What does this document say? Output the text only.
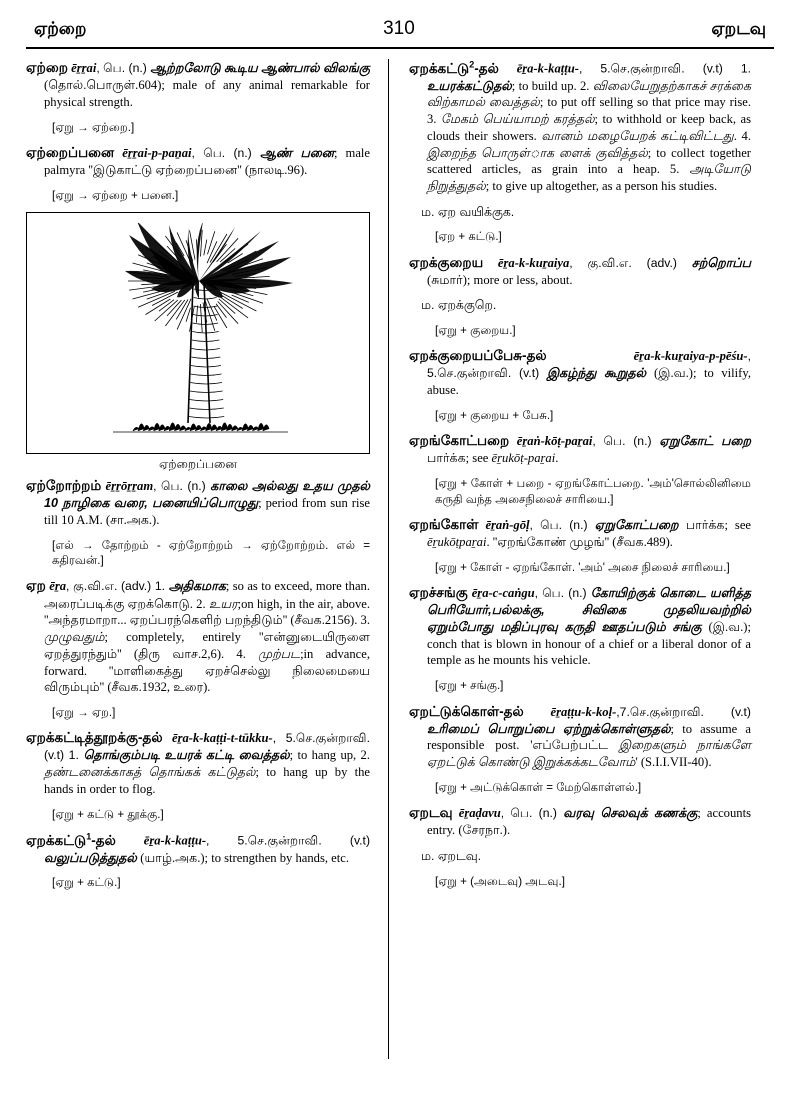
ஏற்றை	310	ஏறடவு

ஏற்றை ēṟṟai, பெ. (n.) ஆற்றலோடு கூடிய ஆண்பால் விலங்கு (தொல்.பொருள்.604); male of any animal remarkable for physical strength.

[ஏறு → ஏற்றை.]

ஏற்றைப்பனை ēṟṟai-p-paṉai, பெ. (n.) ஆண் பனை; male palmyra ''இடுகாட்டு ஏற்றைப்பனை'' (நாலடி.96).

[ஏறு → ஏற்றை + பனை.]

ஏற்றைப்பனை

ஏற்றோற்றம் ēṟṟōṟṟam, பெ. (n.) காலை அல்லது உதய முதல் 10 நாழிகை வரை, பனையிப்பொழுது; period from sun rise till 10 A.M. (சா.அக.).

[எல் → தோற்றம் - ஏற்றோற்றம் → ஏற்றோற்றம். எல் = கதிரவன்.]

ஏற ēṟa, கு.வி.எ. (adv.) 1. அதிகமாக; so as to exceed, more than. அரைப்படிக்கு ஏறக்கொடு. 2. உயர;on high, in the air, above. ''அந்தரமாறா... ஏறப்பரந்கெளிற் பறந்திடும்'' (சீவக.2156). 3. முழுவதும்; completely, entirely ''என்னுடையிருளை ஏறத்துரந்தும்'' (திரு வாச.2,6). 4. முற்பட;in advance, forward. ''மாளிகைத்து ஏறச்செல்லு நிலைமையை விரும்பும்'' (சீவக.1932, உரை).

[ஏறு → ஏற.]

ஏறக்கட்டித்தூறக்கு-தல் ēṟa-k-kaṭṭi-t-tūkku-, 5.செ.குன்றாவி. (v.t) 1. தொங்கும்படி உயரக் கட்டி வைத்தல்; to hang up, 2. தண்டனைக்காகத் தொங்கக் கட்டுதல்; to hang up by the hands in order to flog.

[ஏறு + கட்டு + தூக்கு.]

ஏறக்கட்டு$^1$-தல் ēṟa-k-kaṭṭu-, 5.செ.குன்றாவி. (v.t) வலுப்படுத்துதல் (யாழ்.அக.); to strengthen by hands, etc.

[ஏறு + கட்டு.]

ஏறக்கட்டு$^2$-தல் ēṟa-k-kaṭṭu-, 5.செ.குன்றாவி. (v.t) 1. உயரக்கட்டுதல்; to build up. 2. விலையேறுதற்காகச் சரக்கை விற்காமல் வைத்தல்; to put off selling so that price may rise. 3. மேகம் பெய்யாமற் கரத்தல்; to withhold or keep back, as clouds their showers. வானம் மழையேறக் கட்டிவிட்டது. 4. இறைந்த பொருள்ாக ளைக் குவித்தல்; to collect together scattered articles, as grain into a heap. 5. அடியோடு நிறுத்துதல்; to give up altogether, as a person his studies.

ம. ஏற வயிக்குக.

[ஏற + கட்டு.]

ஏறக்குறைய ēṟa-k-kuṟaiya, கு.வி.எ. (adv.) சற்றொப்ப (சுமார்); more or less, about.

ம. ஏறக்குறெ.

[ஏறு + குறைய.]

ஏறக்குறையப்பேசு-தல்	ēṟa-k-kuṟaiya-p-pēśu-, 5.செ.குன்றாவி. (v.t) இகழ்ந்து கூறுதல் (இ.வ.); to vilify, abuse.

[ஏறு + குறைய + பேசு.]

ஏறங்கோட்பறை ēṟaṅ-kōṭ-paṟai, பெ. (n.) ஏறுகோட் பறை பார்க்க; see ēṟukōṭ-paṟai.

[ஏறு + கோள் + பறை - ஏறங்கோட்பறை. 'அம்'சொல்லினிமை கருதி வந்த அசைநிலைச் சாரியை.]

ஏறங்கோள் ēṟaṅ-gōḷ, பெ. (n.) ஏறுகோட்பறை பார்க்க; see ēṟukōṭpaṟai. ''ஏறங்கோண் முழங்'' (சீவக.489).

[ஏறு + கோள் - ஏறங்கோள். 'அம்' அசை நிலைச் சாரியை.]

ஏறச்சங்கு ēṟa-c-caṅgu, பெ. (n.) கோயிற்குக் கொடை யளித்த பெரியோர்,பல்லக்கு, சிவிகை முதலியவற்றில் ஏறும்போது மதிப்புரவு கருதி ஊதப்படும் சங்கு (இ.வ.); conch that is blown in honour of a chief or a liberal donor of a temple as he mounts his vehicle.

[ஏறு + சங்கு.]

ஏறட்டுக்கொள்-தல் ēṟaṭṭu-k-koḷ-,7.செ.குன்றாவி. (v.t) உரிமைப் பொறுப்பை ஏற்றுக்கொள்ளுதல்; to assume a responsible post. 'எப்பேற்பட்ட இறைகளும் நாங்களே ஏறட்டுக் கொண்டு இறுக்கக்கடவோம்' (S.I.I.VII-40).

[ஏறு + அட்டுக்கொள் = மேற்கொள்ளல்.]

ஏறடவு ēṟaḍavu, பெ. (n.) வரவு செலவுக் கணக்கு; accounts entry. (சேரநா.).

ம. ஏறடவு.

[ஏறு + (அடைவு) அடவு.]
